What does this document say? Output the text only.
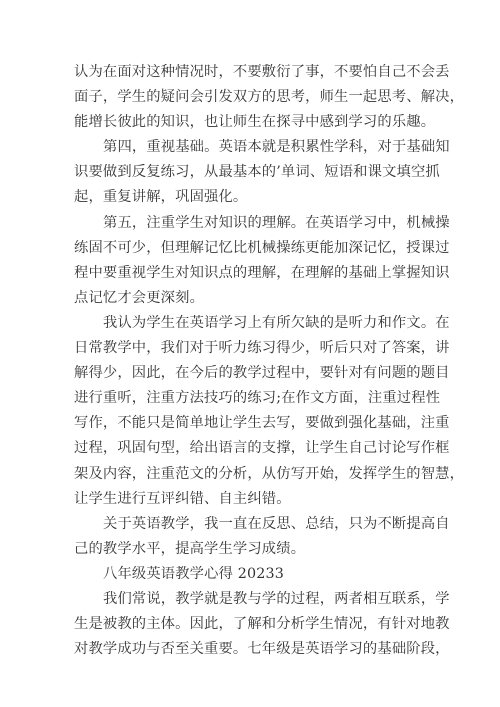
认为在面对这种情况时，不要敷衍了事，不要怕自己不会丢
面子，学生的疑问会引发双方的思考，师生一起思考、解决，
能增长彼此的知识，也让师生在探寻中感到学习的乐趣。
第四，重视基础。英语本就是积累性学科，对于基础知
识要做到反复练习，从最基本的’单词、短语和课文填空抓
起，重复讲解，巩固强化。
第五，注重学生对知识的理解。在英语学习中，机械操
练固不可少，但理解记忆比机械操练更能加深记忆，授课过
程中要重视学生对知识点的理解，在理解的基础上掌握知识
点记忆才会更深刻。
我认为学生在英语学习上有所欠缺的是听力和作文。在
日常教学中，我们对于听力练习得少，听后只对了答案，讲
解得少，因此，在今后的教学过程中，要针对有问题的题目
进行重听，注重方法技巧的练习;在作文方面，注重过程性
写作，不能只是简单地让学生去写，要做到强化基础，注重
过程，巩固句型，给出语言的支撑，让学生自己讨论写作框
架及内容，注重范文的分析，从仿写开始，发挥学生的智慧，
让学生进行互评纠错、自主纠错。
关于英语教学，我一直在反思、总结，只为不断提高自
己的教学水平，提高学生学习成绩。
八年级英语教学心得 20233
我们常说，教学就是教与学的过程，两者相互联系，学
生是被教的主体。因此，了解和分析学生情况，有针对地教
对教学成功与否至关重要。七年级是英语学习的基础阶段，
